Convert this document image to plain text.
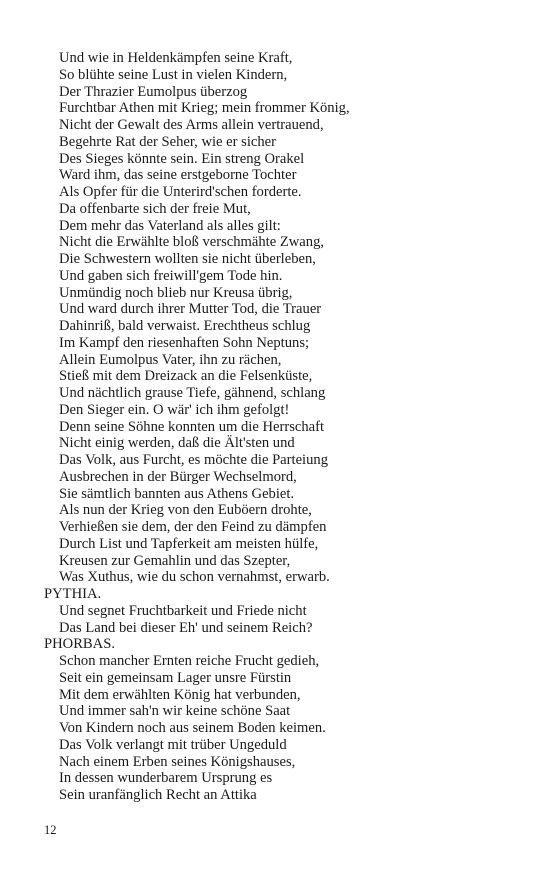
Und wie in Heldenkämpfen seine Kraft,
So blühte seine Lust in vielen Kindern,
Der Thrazier Eumolpus überzog
Furchtbar Athen mit Krieg; mein frommer König,
Nicht der Gewalt des Arms allein vertrauend,
Begehrte Rat der Seher, wie er sicher
Des Sieges könnte sein. Ein streng Orakel
Ward ihm, das seine erstgeborne Tochter
Als Opfer für die Unterird'schen forderte.
Da offenbarte sich der freie Mut,
Dem mehr das Vaterland als alles gilt:
Nicht die Erwählte bloß verschmähte Zwang,
Die Schwestern wollten sie nicht überleben,
Und gaben sich freiwill'gem Tode hin.
Unmündig noch blieb nur Kreusa übrig,
Und ward durch ihrer Mutter Tod, die Trauer
Dahinriß, bald verwaist. Erechtheus schlug
Im Kampf den riesenhaften Sohn Neptuns;
Allein Eumolpus Vater, ihn zu rächen,
Stieß mit dem Dreizack an die Felsenküste,
Und nächtlich grause Tiefe, gähnend, schlang
Den Sieger ein. O wär' ich ihm gefolgt!
Denn seine Söhne konnten um die Herrschaft
Nicht einig werden, daß die Ält'sten und
Das Volk, aus Furcht, es möchte die Parteiung
Ausbrechen in der Bürger Wechselmord,
Sie sämtlich bannten aus Athens Gebiet.
Als nun der Krieg von den Euböern drohte,
Verhießen sie dem, der den Feind zu dämpfen
Durch List und Tapferkeit am meisten hülfe,
Kreusen zur Gemahlin und das Szepter,
Was Xuthus, wie du schon vernahmst, erwarb.
PYTHIA.
Und segnet Fruchtbarkeit und Friede nicht
Das Land bei dieser Eh' und seinem Reich?
PHORBAS.
Schon mancher Ernten reiche Frucht gedieh,
Seit ein gemeinsam Lager unsre Fürstin
Mit dem erwählten König hat verbunden,
Und immer sah'n wir keine schöne Saat
Von Kindern noch aus seinem Boden keimen.
Das Volk verlangt mit trüber Ungeduld
Nach einem Erben seines Königshauses,
In dessen wunderbarem Ursprung es
Sein uranfänglich Recht an Attika
12
